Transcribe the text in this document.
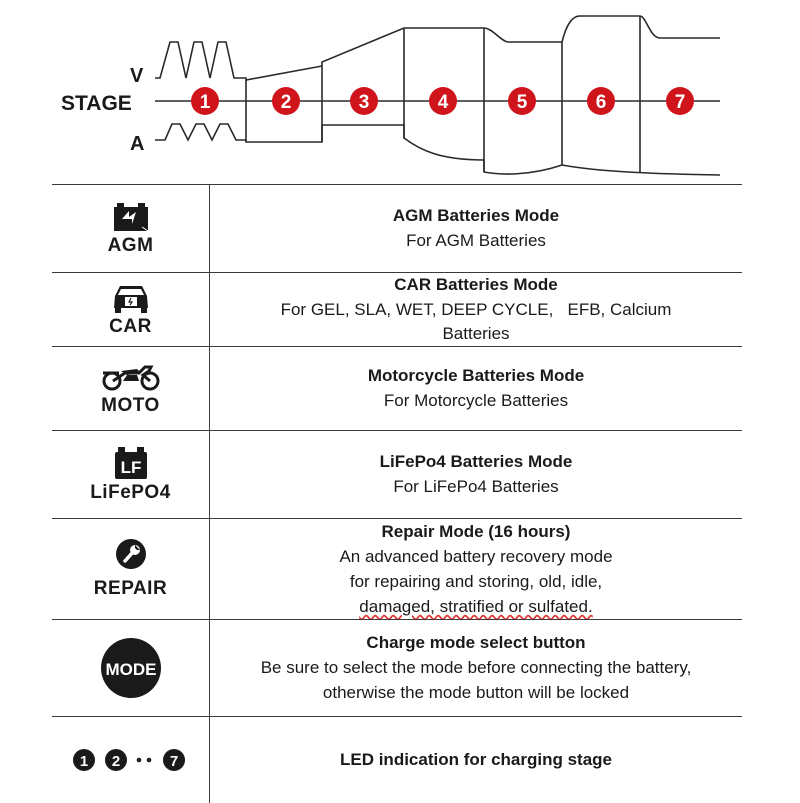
V
STAGE
A
1	2	3	4	5	6	7
AGM
AGM Batteries Mode
For AGM Batteries
CAR
CAR Batteries Mode
For GEL, SLA, WET, DEEP CYCLE,   EFB, Calcium
Batteries
MOTO
Motorcycle Batteries Mode
For Motorcycle Batteries
LF
LiFePO4
LiFePo4 Batteries Mode
For LiFePo4 Batteries
REPAIR
Repair Mode (16 hours)
An advanced battery recovery mode
for repairing and storing, old, idle,
damaged, stratified or sulfated.
MODE
Charge mode select button
Be sure to select the mode before connecting the battery,
otherwise the mode button will be locked
1 2	7	LED indication for charging stage
